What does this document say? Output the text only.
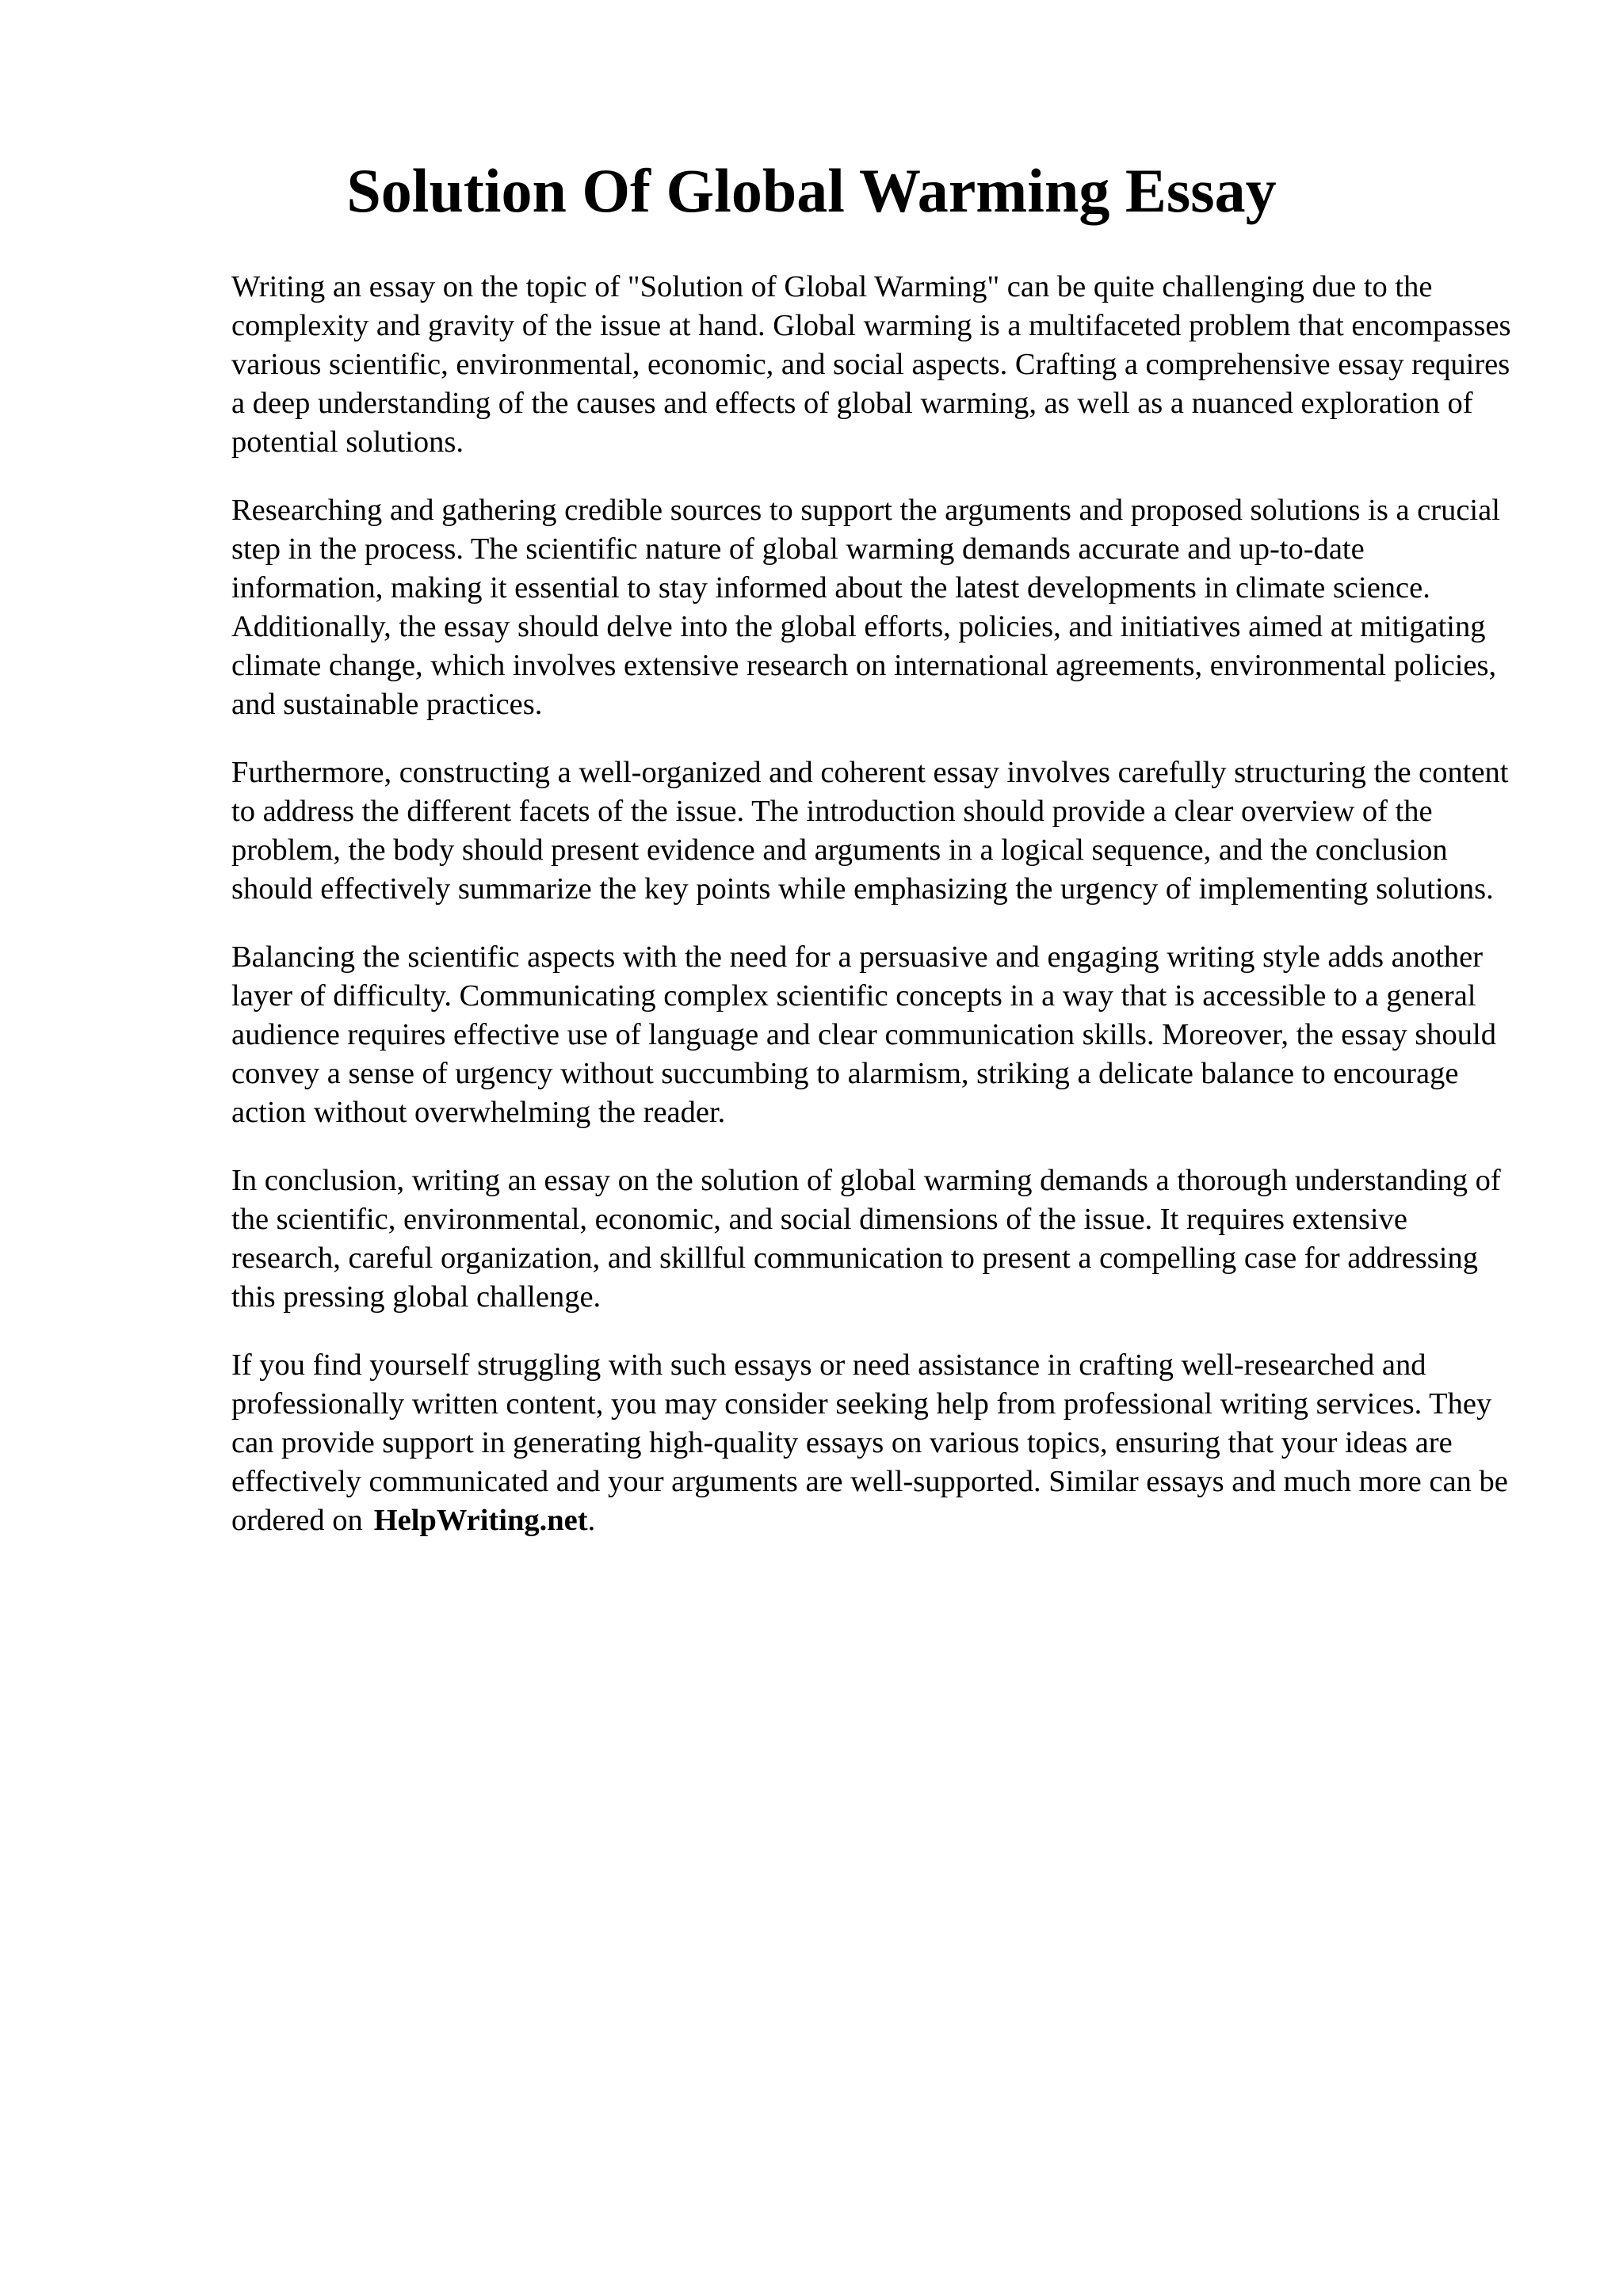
Solution Of Global Warming Essay

Writing an essay on the topic of "Solution of Global Warming" can be quite challenging due to the complexity and gravity of the issue at hand. Global warming is a multifaceted problem that encompasses various scientific, environmental, economic, and social aspects. Crafting a comprehensive essay requires a deep understanding of the causes and effects of global warming, as well as a nuanced exploration of potential solutions.

Researching and gathering credible sources to support the arguments and proposed solutions is a crucial step in the process. The scientific nature of global warming demands accurate and up-to-date information, making it essential to stay informed about the latest developments in climate science. Additionally, the essay should delve into the global efforts, policies, and initiatives aimed at mitigating climate change, which involves extensive research on international agreements, environmental policies, and sustainable practices.

Furthermore, constructing a well-organized and coherent essay involves carefully structuring the content to address the different facets of the issue. The introduction should provide a clear overview of the problem, the body should present evidence and arguments in a logical sequence, and the conclusion should effectively summarize the key points while emphasizing the urgency of implementing solutions.

Balancing the scientific aspects with the need for a persuasive and engaging writing style adds another layer of difficulty. Communicating complex scientific concepts in a way that is accessible to a general audience requires effective use of language and clear communication skills. Moreover, the essay should convey a sense of urgency without succumbing to alarmism, striking a delicate balance to encourage action without overwhelming the reader.

In conclusion, writing an essay on the solution of global warming demands a thorough understanding of the scientific, environmental, economic, and social dimensions of the issue. It requires extensive research, careful organization, and skillful communication to present a compelling case for addressing this pressing global challenge.

If you find yourself struggling with such essays or need assistance in crafting well-researched and professionally written content, you may consider seeking help from professional writing services. They can provide support in generating high-quality essays on various topics, ensuring that your ideas are effectively communicated and your arguments are well-supported. Similar essays and much more can be ordered on HelpWriting.net.
